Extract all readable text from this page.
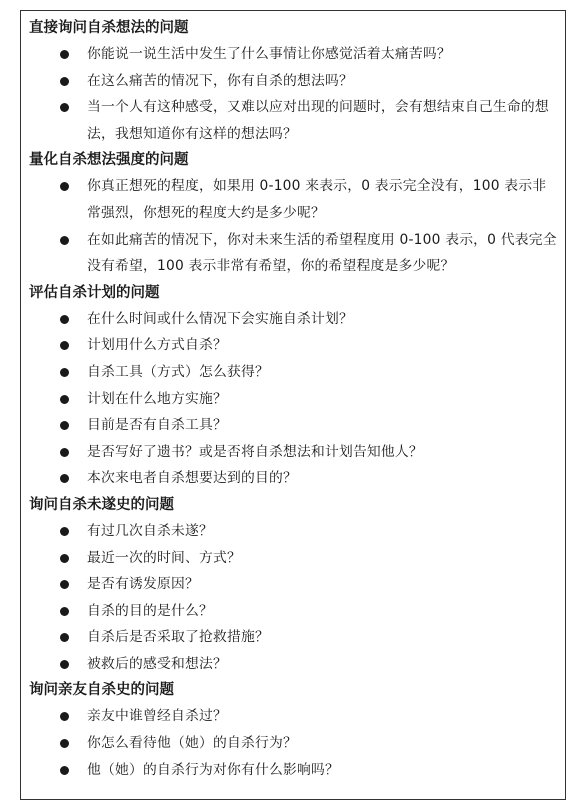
直接询问自杀想法的问题
你能说一说生活中发生了什么事情让你感觉活着太痛苦吗？
在这么痛苦的情况下，你有自杀的想法吗？
当一个人有这种感受，又难以应对出现的问题时，会有想结束自己生命的想法，我想知道你有这样的想法吗？
量化自杀想法强度的问题
你真正想死的程度，如果用 0-100 来表示，0 表示完全没有，100 表示非常强烈，你想死的程度大约是多少呢？
在如此痛苦的情况下，你对未来生活的希望程度用 0-100 表示，0 代表完全没有希望，100 表示非常有希望，你的希望程度是多少呢？
评估自杀计划的问题
在什么时间或什么情况下会实施自杀计划？
计划用什么方式自杀？
自杀工具（方式）怎么获得？
计划在什么地方实施？
目前是否有自杀工具？
是否写好了遗书？或是否将自杀想法和计划告知他人？
本次来电者自杀想要达到的目的？
询问自杀未遂史的问题
有过几次自杀未遂？
最近一次的时间、方式？
是否有诱发原因？
自杀的目的是什么？
自杀后是否采取了抢救措施？
被救后的感受和想法？
询问亲友自杀史的问题
亲友中谁曾经自杀过？
你怎么看待他（她）的自杀行为？
他（她）的自杀行为对你有什么影响吗？
